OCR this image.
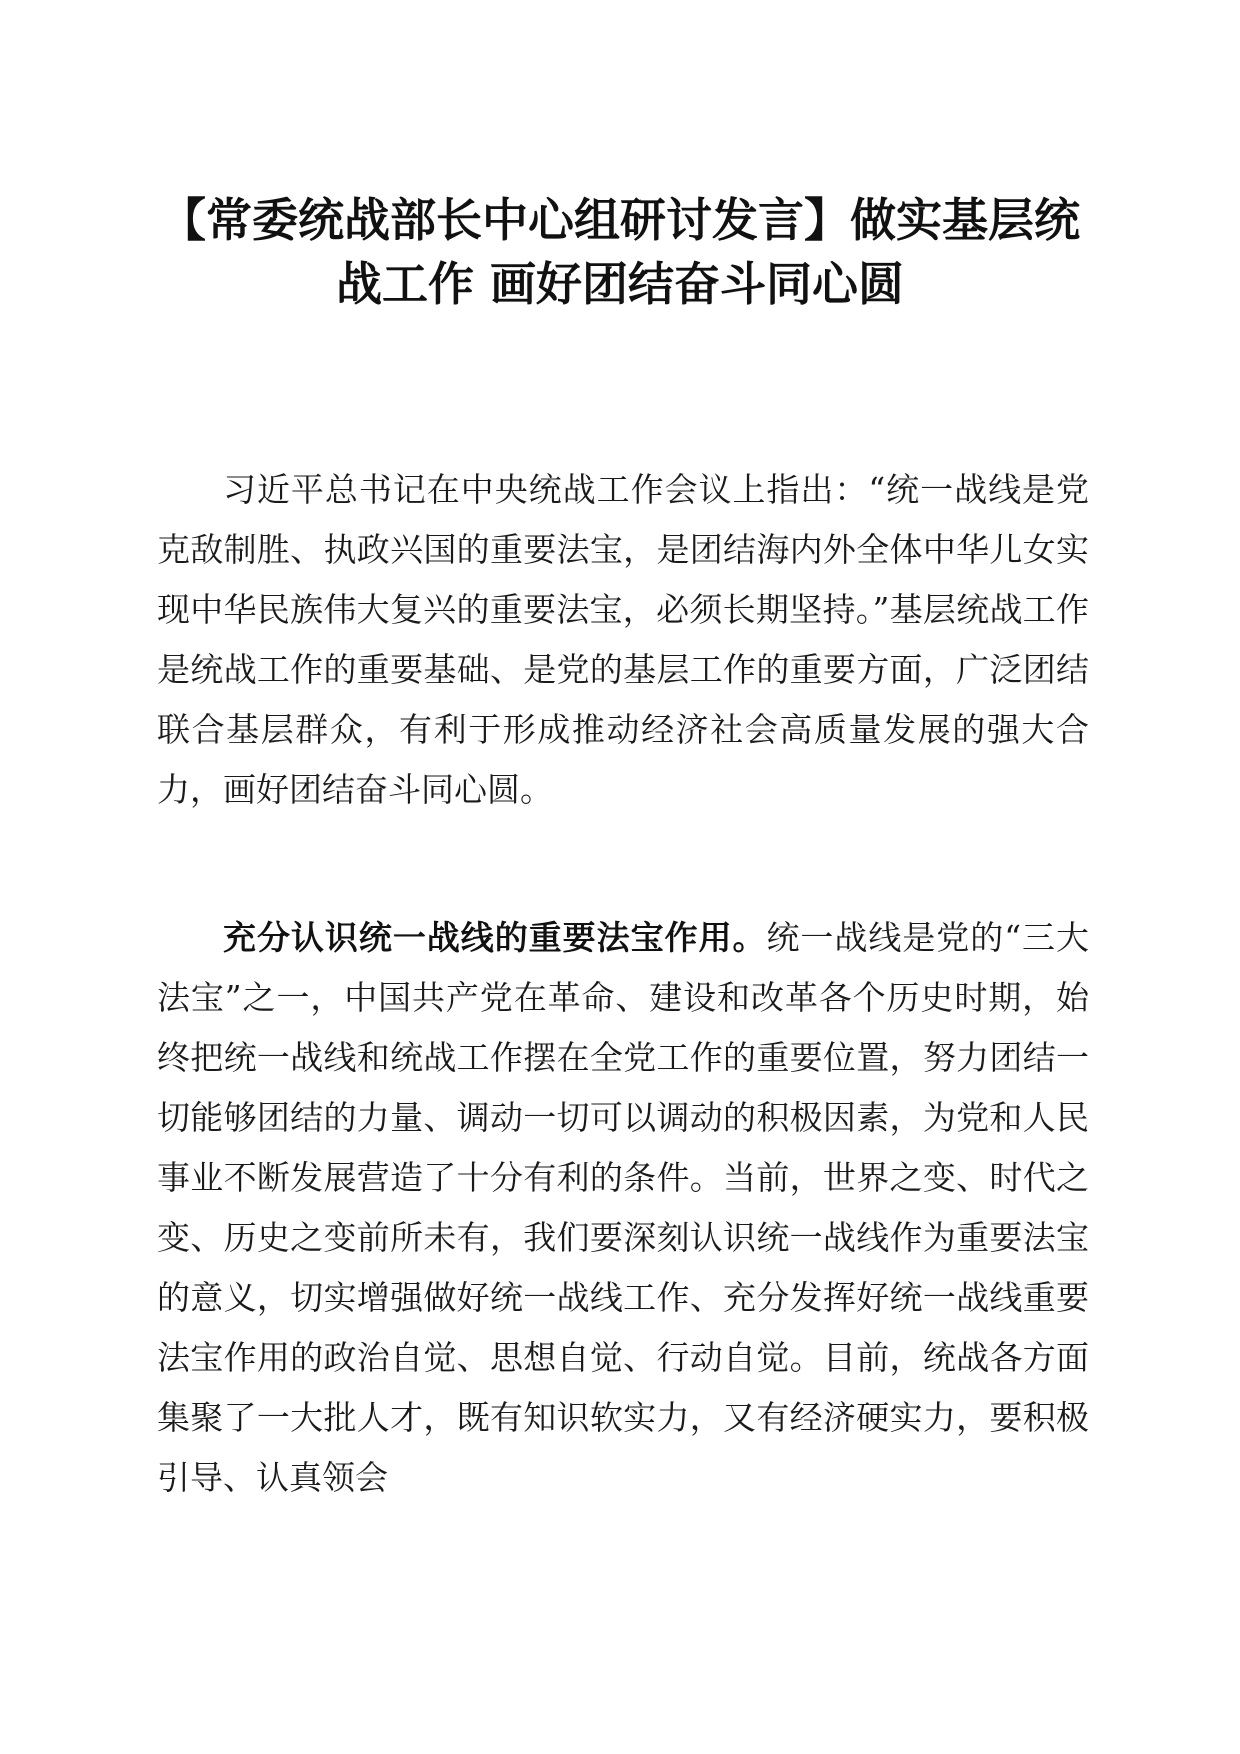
【常委统战部长中心组研讨发言】做实基层统
战工作 画好团结奋斗同心圆

习近平总书记在中央统战工作会议上指出：“统一战线是党克敌制胜、执政兴国的重要法宝，是团结海内外全体中华儿女实现中华民族伟大复兴的重要法宝，必须长期坚持。”基层统战工作是统战工作的重要基础、是党的基层工作的重要方面，广泛团结联合基层群众，有利于形成推动经济社会高质量发展的强大合力，画好团结奋斗同心圆。

充分认识统一战线的重要法宝作用。统一战线是党的“三大法宝”之一，中国共产党在革命、建设和改革各个历史时期，始终把统一战线和统战工作摆在全党工作的重要位置，努力团结一切能够团结的力量、调动一切可以调动的积极因素，为党和人民事业不断发展营造了十分有利的条件。当前，世界之变、时代之变、历史之变前所未有，我们要深刻认识统一战线作为重要法宝的意义，切实增强做好统一战线工作、充分发挥好统一战线重要法宝作用的政治自觉、思想自觉、行动自觉。目前，统战各方面集聚了一大批人才，既有知识软实力，又有经济硬实力，要积极引导、认真领会
